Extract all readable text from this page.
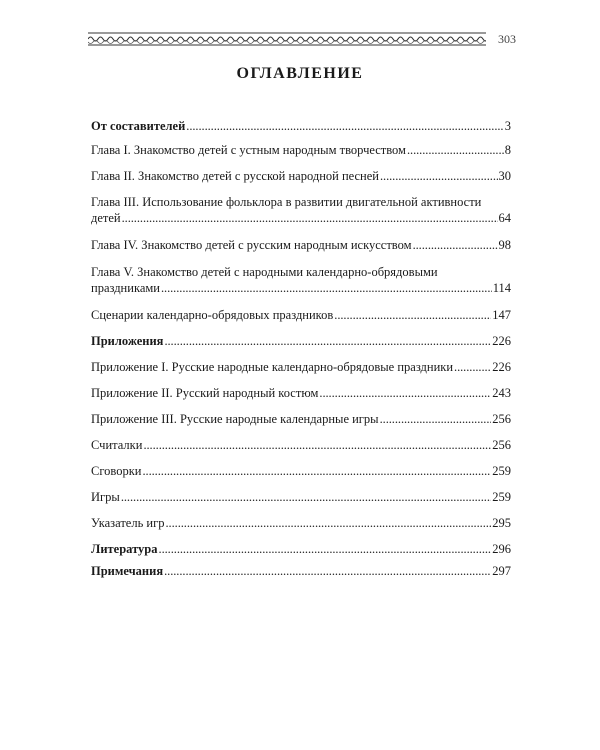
303
ОГЛАВЛЕНИЕ
От составителей . . .	3
Глава I. Знакомство детей с устным народным творчеством . . .	8
Глава II. Знакомство детей с русской народной песней . . .	30
Глава III. Использование фольклора в развитии двигательной активности
детей . . .	64
Глава IV. Знакомство детей с русским народным искусством . . .	98
Глава V. Знакомство детей с народными календарно-обрядовыми
праздниками . . .	114
Сценарии календарно-обрядовых праздников . . .	147
Приложения . . .	226
Приложение I. Русские народные календарно-обрядовые праздники . . .	226
Приложение II. Русский народный костюм . . .	243
Приложение III. Русские народные календарные игры . . .	256
Считалки . . .	256
Сговорки . . .	259
Игры . . .	259
Указатель игр . . .	295
Литература . . .	296
Примечания . . .	297
